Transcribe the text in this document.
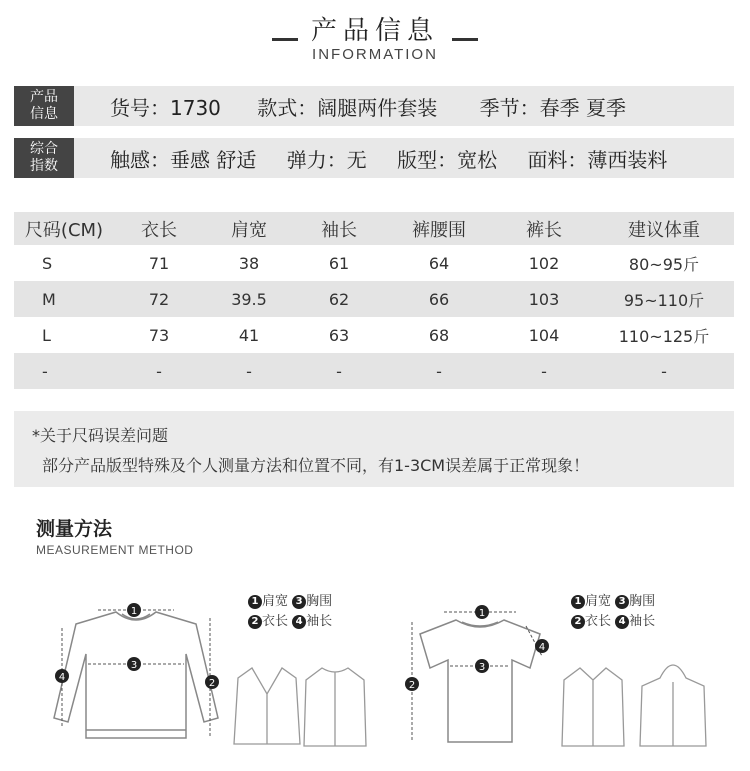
产品信息
INFORMATION
产品
信息	货号：1730 款式：阔腿两件套装 季节：春季 夏季
综合
指数	触感：垂感 舒适 弹力：无 版型：宽松 面料：薄西装料
尺码(CM)	衣长	肩宽	袖长	裤腰围	裤长	建议体重
S	71	38	61	64	102	80~95斤
M	72	39.5	62	66	103	95~110斤
L	73	41	63	68	104	110~125斤
-	-	-	-	-	-	-
*关于尺码误差问题
部分产品版型特殊及个人测量方法和位置不同，有1-3CM误差属于正常现象！
测量方法
MEASUREMENT METHOD
1 肩宽 3 胸围
2 衣长 4 袖长
1 肩宽 3 胸围
2 衣长 4 袖长
1
3
2
4
1
3
2
4
